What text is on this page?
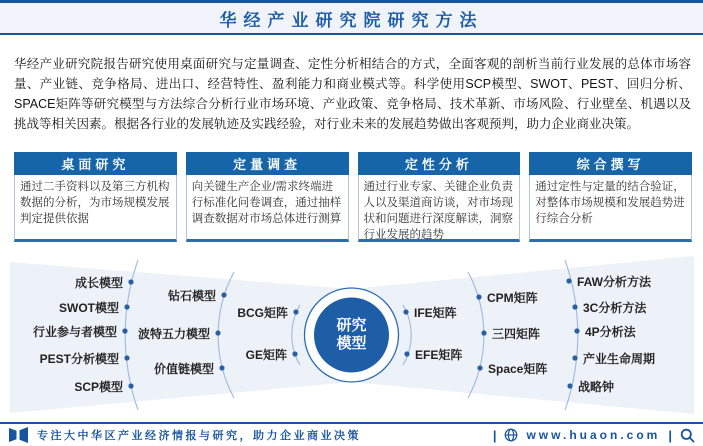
华经产业研究院研究方法

华经产业研究院报告研究使用桌面研究与定量调查、定性分析相结合的方式，全面客观的剖析当前行业发展的总体市场容量、产业链、竞争格局、进出口、经营特性、盈利能力和商业模式等。科学使用SCP模型、SWOT、PEST、回归分析、SPACE矩阵等研究模型与方法综合分析行业市场环境、产业政策、竞争格局、技术革新、市场风险、行业壁垒、机遇以及挑战等相关因素。根据各行业的发展轨迹及实践经验，对行业未来的发展趋势做出客观预判，助力企业商业决策。

桌面研究
通过二手资料以及第三方机构数据的分析，为市场规模发展判定提供依据
定量调查
向关键生产企业/需求终端进行标准化问卷调查，通过抽样调查数据对市场总体进行测算
定性分析
通过行业专家、关键企业负责人以及渠道商访谈，对市场现状和问题进行深度解读，洞察行业发展的趋势
综合撰写
通过定性与定量的结合验证，对整体市场规模和发展趋势进行综合分析
研究
模型
成长模型
SWOT模型
行业参与者模型
PEST分析模型
SCP模型
钻石模型
波特五力模型
价值链模型
BCG矩阵
GE矩阵
IFE矩阵
EFE矩阵
CPM矩阵
三四矩阵
Space矩阵
FAW分析方法
3C分析方法
4P分析法
产业生命周期
战略钟
专注大中华区产业经济情报与研究，助力企业商业决策	|	www.huaon.com |
